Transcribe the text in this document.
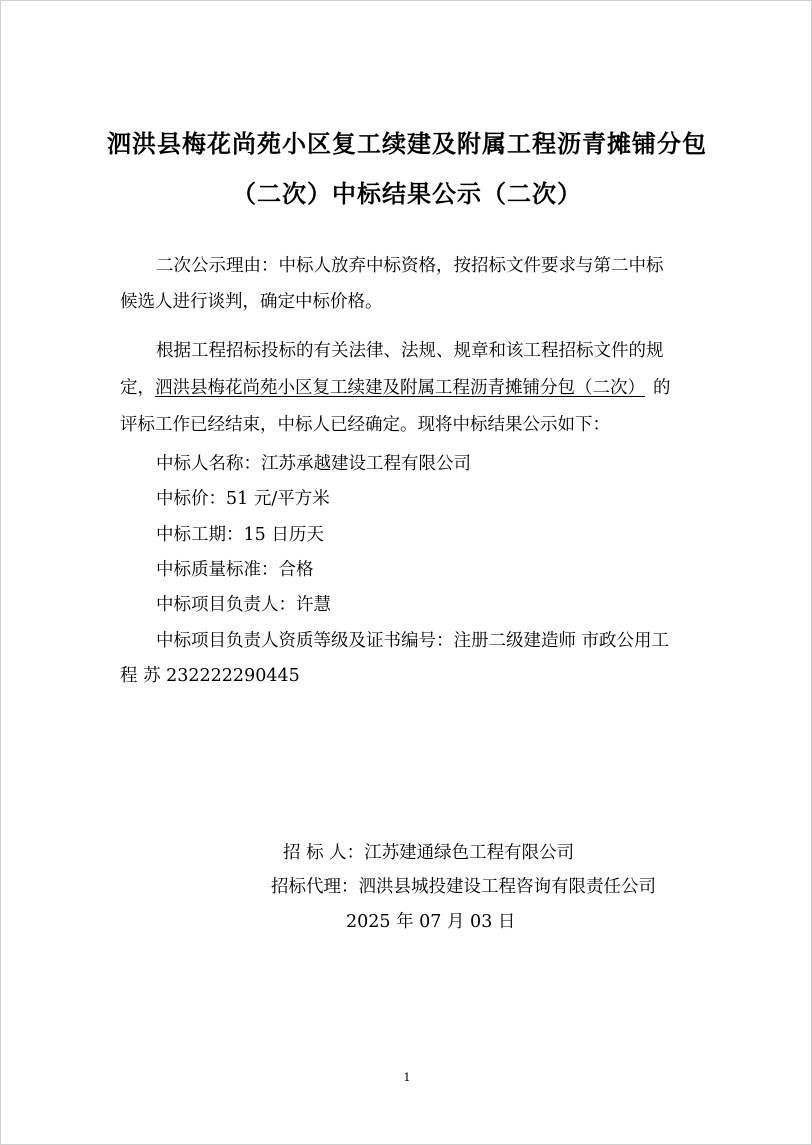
泗洪县梅花尚苑小区复工续建及附属工程沥青摊铺分包
（二次）中标结果公示（二次）
二次公示理由：中标人放弃中标资格，按招标文件要求与第二中标
候选人进行谈判，确定中标价格。
根据工程招标投标的有关法律、法规、规章和该工程招标文件的规
定，泗洪县梅花尚苑小区复工续建及附属工程沥青摊铺分包（二次） 的
评标工作已经结束，中标人已经确定。现将中标结果公示如下：
中标人名称：江苏承越建设工程有限公司
中标价：51 元/平方米
中标工期：15 日历天
中标质量标准：合格
中标项目负责人：许慧
中标项目负责人资质等级及证书编号：注册二级建造师 市政公用工
程 苏 232222290445
招 标 人：江苏建通绿色工程有限公司
招标代理：泗洪县城投建设工程咨询有限责任公司
2025 年 07 月 03 日
1
